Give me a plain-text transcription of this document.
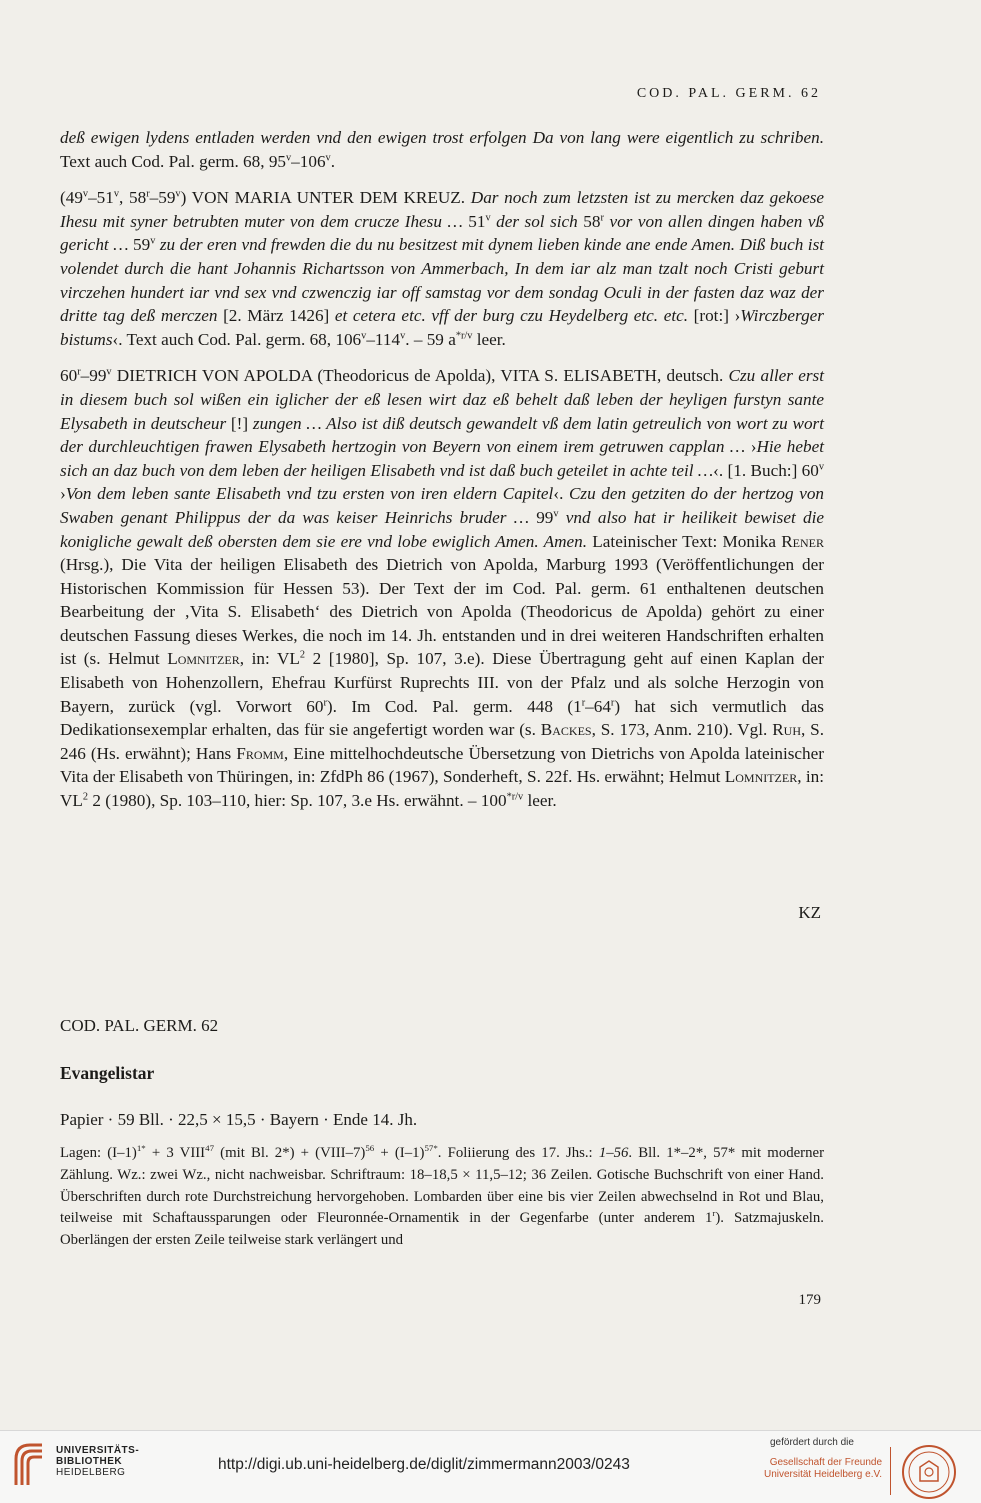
COD. PAL. GERM. 62

deß ewigen lydens entladen werden vnd den ewigen trost erfolgen Da von lang were eigentlich zu schriben. Text auch Cod. Pal. germ. 68, 95$^v$–106$^v$.

(49$^v$–51$^v$, 58$^r$–59$^v$) VON MARIA UNTER DEM KREUZ. Dar noch zum letzsten ist zu mercken daz gekoese Ihesu mit syner betrubten muter von dem crucze Ihesu … 51$^v$ der sol sich 58$^r$ vor von allen dingen haben vß gericht … 59$^v$ zu der eren vnd frewden die du nu besitzest mit dynem lieben kinde ane ende Amen. Diß buch ist volendet durch die hant Johannis Richartsson von Ammerbach, In dem iar alz man tzalt noch Cristi geburt virczehen hundert iar vnd sex vnd czwenczig iar off samstag vor dem sondag Oculi in der fasten daz waz der dritte tag deß merczen [2. März 1426] et cetera etc. vff der burg czu Heydelberg etc. etc. [rot:] ›Wirczberger bistums‹. Text auch Cod. Pal. germ. 68, 106$^v$–114$^v$. – 59 $a^{*r/v}$ leer.

60$^r$–99$^v$ DIETRICH VON APOLDA (Theodoricus de Apolda), VITA S. ELISABETH, deutsch. Czu aller erst in diesem buch sol wißen ein iglicher der eß lesen wirt daz eß behelt daß leben der heyligen furstyn sante Elysabeth in deutscheur [!] zungen … Also ist diß deutsch gewandelt vß dem latin getreulich von wort zu wort der durchleuchtigen frawen Elysabeth hertzogin von Beyern von einem irem getruwen capplan … ›Hie hebet sich an daz buch von dem leben der heiligen Elisabeth vnd ist daß buch geteilet in achte teil …‹. [1. Buch:] 60$^v$ ›Von dem leben sante Elisabeth vnd tzu ersten von iren eldern Capitel‹. Czu den getziten do der hertzog von Swaben genant Philippus der da was keiser Heinrichs bruder … 99$^v$ vnd also hat ir heilikeit bewiset die konigliche gewalt deß obersten dem sie ere vnd lobe ewiglich Amen. Amen. Lateinischer Text: Monika Rener (Hrsg.), Die Vita der heiligen Elisabeth des Dietrich von Apolda, Marburg 1993 (Veröffentlichungen der Historischen Kommission für Hessen 53). Der Text der im Cod. Pal. germ. 61 enthaltenen deutschen Bearbeitung der ‚Vita S. Elisabeth‘ des Dietrich von Apolda (Theodoricus de Apolda) gehört zu einer deutschen Fassung dieses Werkes, die noch im 14. Jh. entstanden und in drei weiteren Handschriften erhalten ist (s. Helmut Lomnitzer, in: $VL^2$ 2 [1980], Sp. 107, 3.e). Diese Übertragung geht auf einen Kaplan der Elisabeth von Hohenzollern, Ehefrau Kurfürst Ruprechts III. von der Pfalz und als solche Herzogin von Bayern, zurück (vgl. Vorwort 60$^r$). Im Cod. Pal. germ. 448 (1$^r$–64$^r$) hat sich vermutlich das Dedikationsexemplar erhalten, das für sie angefertigt worden war (s. Backes, S. 173, Anm. 210). Vgl. Ruh, S. 246 (Hs. erwähnt); Hans Fromm, Eine mittelhochdeutsche Übersetzung von Dietrichs von Apolda lateinischer Vita der Elisabeth von Thüringen, in: ZfdPh 86 (1967), Sonderheft, S. 22f. Hs. erwähnt; Helmut Lomnitzer, in: $VL^2$ 2 (1980), Sp. 103–110, hier: Sp. 107, 3.e Hs. erwähnt. – $100^{*r/v}$ leer.

KZ
COD. PAL. GERM. 62
Evangelistar
Papier · 59 Bll. · 22,5 × 15,5 · Bayern · Ende 14. Jh.
Lagen: $(I-1)^{1*} + 3$ VIII$^{47}$ (mit Bl. 2*) + (VIII–7)$^{56}$ + $(I-1)^{57*}$. Foliierung des 17. Jhs.: 1–56. Bll. 1*–2*, 57* mit moderner Zählung. Wz.: zwei Wz., nicht nachweisbar. Schriftraum: 18–18,5 × 11,5–12; 36 Zeilen. Gotische Buchschrift von einer Hand. Überschriften durch rote Durchstreichung hervorgehoben. Lombarden über eine bis vier Zeilen abwechselnd in Rot und Blau, teilweise mit Schaftaussparungen oder Fleuronnée-Ornamentik in der Gegenfarbe (unter anderem 1$^r$). Satzmajuskeln. Oberlängen der ersten Zeile teilweise stark verlängert und
179
UNIVERSITÄTS-
BIBLIOTHEK
HEIDELBERG	http://digi.ub.uni-heidelberg.de/diglit/zimmermann2003/0243
gefördert durch die
Gesellschaft der Freunde
Universität Heidelberg e.V.
